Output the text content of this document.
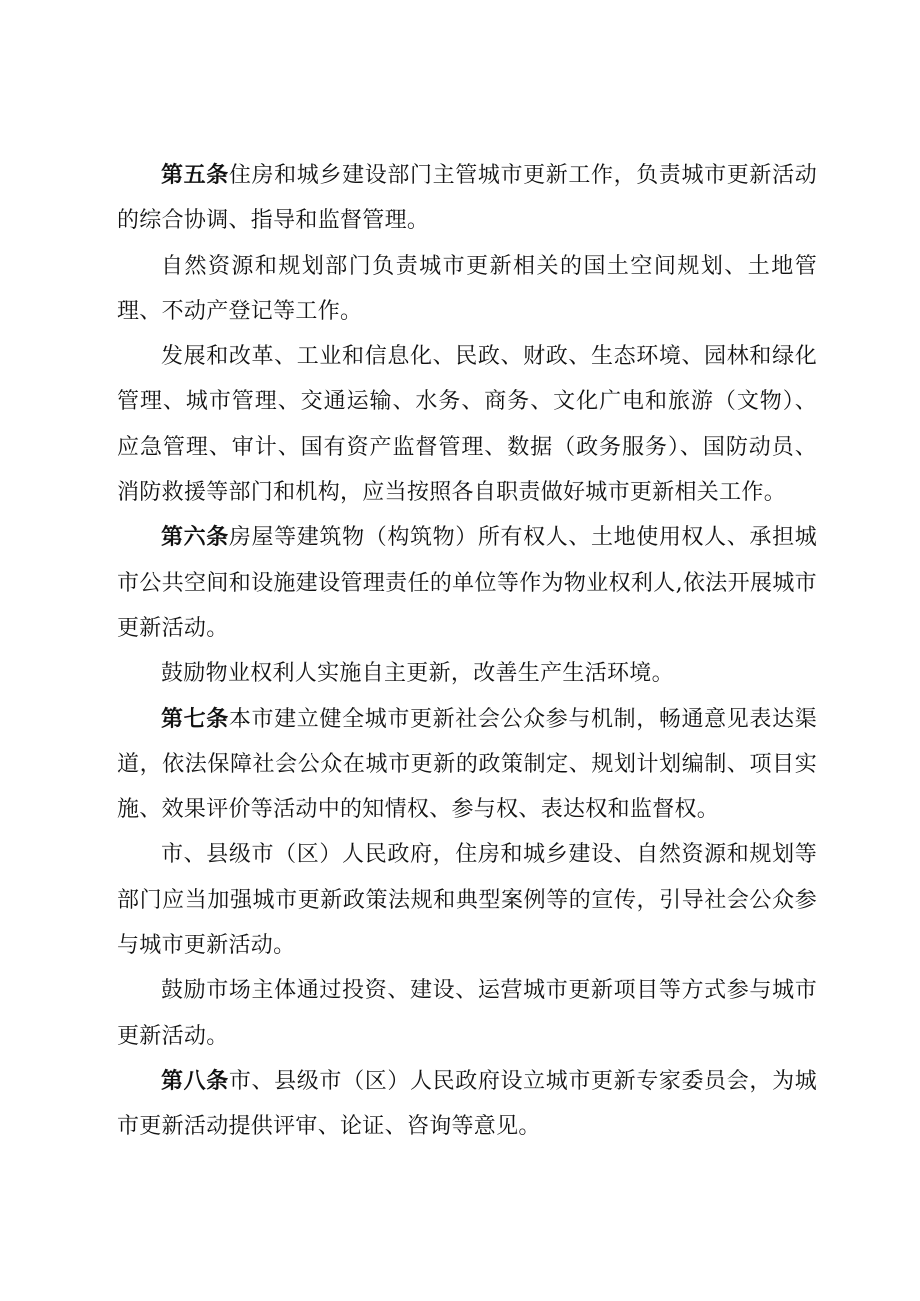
第五条住房和城乡建设部门主管城市更新工作，负责城市更新活动的综合协调、指导和监督管理。

自然资源和规划部门负责城市更新相关的国土空间规划、土地管理、不动产登记等工作。

发展和改革、工业和信息化、民政、财政、生态环境、园林和绿化管理、城市管理、交通运输、水务、商务、文化广电和旅游（文物）、应急管理、审计、国有资产监督管理、数据（政务服务）、国防动员、消防救援等部门和机构，应当按照各自职责做好城市更新相关工作。

第六条房屋等建筑物（构筑物）所有权人、土地使用权人、承担城市公共空间和设施建设管理责任的单位等作为物业权利人,依法开展城市更新活动。

鼓励物业权利人实施自主更新，改善生产生活环境。

第七条本市建立健全城市更新社会公众参与机制，畅通意见表达渠道，依法保障社会公众在城市更新的政策制定、规划计划编制、项目实施、效果评价等活动中的知情权、参与权、表达权和监督权。

市、县级市（区）人民政府，住房和城乡建设、自然资源和规划等部门应当加强城市更新政策法规和典型案例等的宣传，引导社会公众参与城市更新活动。

鼓励市场主体通过投资、建设、运营城市更新项目等方式参与城市更新活动。

第八条市、县级市（区）人民政府设立城市更新专家委员会，为城市更新活动提供评审、论证、咨询等意见。
